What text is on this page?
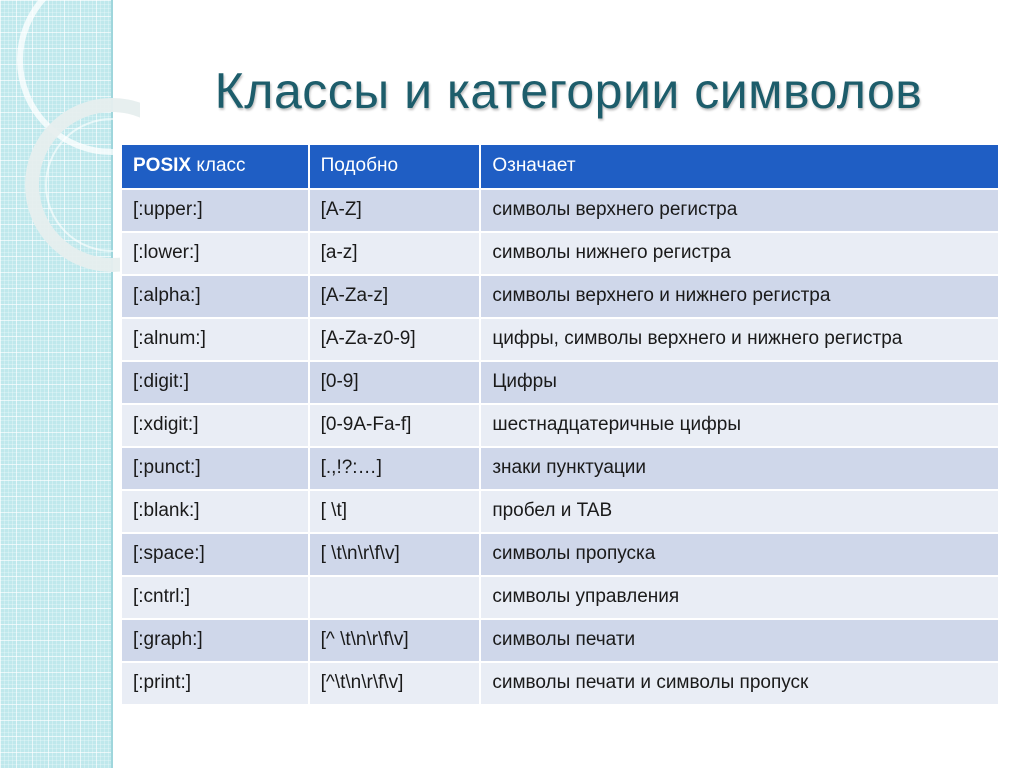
Классы и категории символов
POSIX класс	Подобно	Означает
[:upper:]	[A-Z]	символы верхнего регистра
[:lower:]	[a-z]	символы нижнего регистра
[:alpha:]	[A-Za-z]	символы верхнего и нижнего регистра
[:alnum:]	[A-Za-z0-9]	цифры, символы верхнего и нижнего регистра
[:digit:]	[0-9]	Цифры
[:xdigit:]	[0-9A-Fa-f]	шестнадцатеричные цифры
[:punct:]	[.,!?:…]	знаки пунктуации
[:blank:]	[ \t]	пробел и TAB
[:space:]	[ \t\n\r\f\v]	символы пропуска
[:cntrl:]		символы управления
[:graph:]	[^ \t\n\r\f\v]	символы печати
[:print:]	[^\t\n\r\f\v]	символы печати и символы пропуск
